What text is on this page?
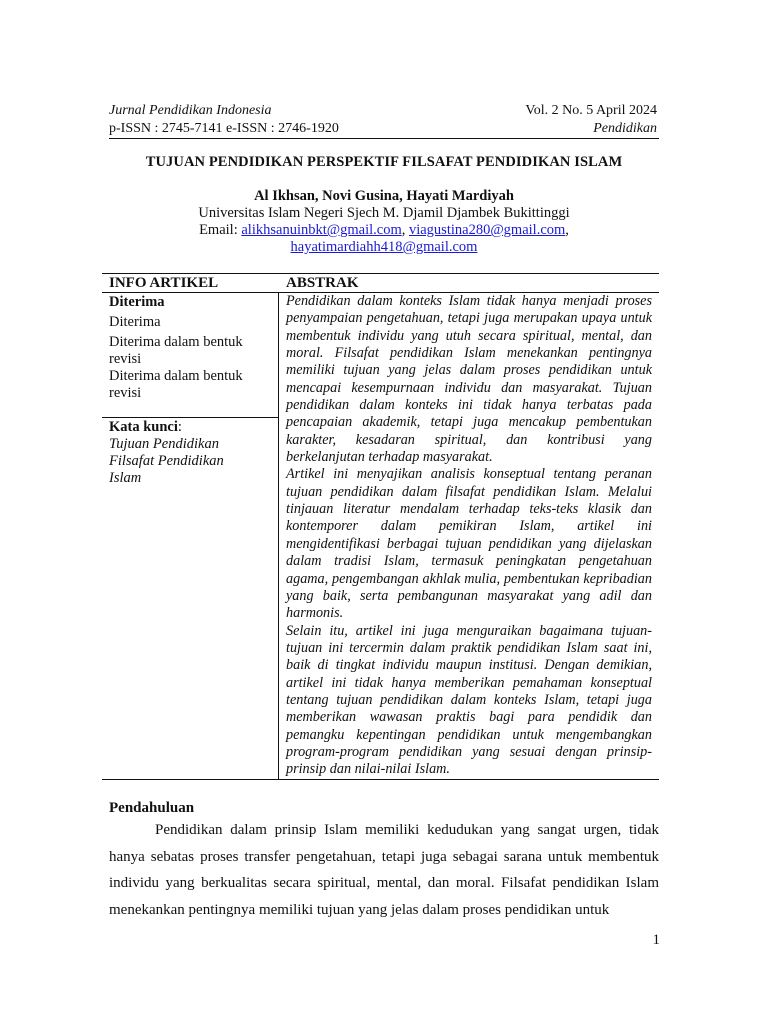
Jurnal Pendidikan Indonesia	Vol. 2 No. 5 April 2024
p-ISSN : 2745-7141 e-ISSN : 2746-1920	Pendidikan
TUJUAN PENDIDIKAN PERSPEKTIF FILSAFAT PENDIDIKAN ISLAM
Al Ikhsan, Novi Gusina, Hayati Mardiyah
Universitas Islam Negeri Sjech M. Djamil Djambek Bukittinggi
Email: alikhsanuinbkt@gmail.com, viagustina280@gmail.com,
hayatimardiahh418@gmail.com
INFO ARTIKEL	ABSTRAK
Diterima
Diterima
Diterima dalam bentuk revisi
Diterima dalam bentuk revisi
Kata kunci:
Tujuan Pendidikan
Filsafat Pendidikan
Islam

Pendidikan dalam konteks Islam tidak hanya menjadi proses penyampaian pengetahuan, tetapi juga merupakan upaya untuk membentuk individu yang utuh secara spiritual, mental, dan moral. Filsafat pendidikan Islam menekankan pentingnya memiliki tujuan yang jelas dalam proses pendidikan untuk mencapai kesempurnaan individu dan masyarakat. Tujuan pendidikan dalam konteks ini tidak hanya terbatas pada pencapaian akademik, tetapi juga mencakup pembentukan karakter, kesadaran spiritual, dan kontribusi yang berkelanjutan terhadap masyarakat.

Artikel ini menyajikan analisis konseptual tentang peranan tujuan pendidikan dalam filsafat pendidikan Islam. Melalui tinjauan literatur mendalam terhadap teks-teks klasik dan kontemporer dalam pemikiran Islam, artikel ini mengidentifikasi berbagai tujuan pendidikan yang dijelaskan dalam tradisi Islam, termasuk peningkatan pengetahuan agama, pengembangan akhlak mulia, pembentukan kepribadian yang baik, serta pembangunan masyarakat yang adil dan harmonis.

Selain itu, artikel ini juga menguraikan bagaimana tujuan-tujuan ini tercermin dalam praktik pendidikan Islam saat ini, baik di tingkat individu maupun institusi. Dengan demikian, artikel ini tidak hanya memberikan pemahaman konseptual tentang tujuan pendidikan dalam konteks Islam, tetapi juga memberikan wawasan praktis bagi para pendidik dan pemangku kepentingan pendidikan untuk mengembangkan program-program pendidikan yang sesuai dengan prinsip-prinsip dan nilai-nilai Islam.

Pendahuluan
Pendidikan dalam prinsip Islam memiliki kedudukan yang sangat urgen, tidak hanya sebatas proses transfer pengetahuan, tetapi juga sebagai sarana untuk membentuk individu yang berkualitas secara spiritual, mental, dan moral. Filsafat pendidikan Islam menekankan pentingnya memiliki tujuan yang jelas dalam proses pendidikan untuk
1
